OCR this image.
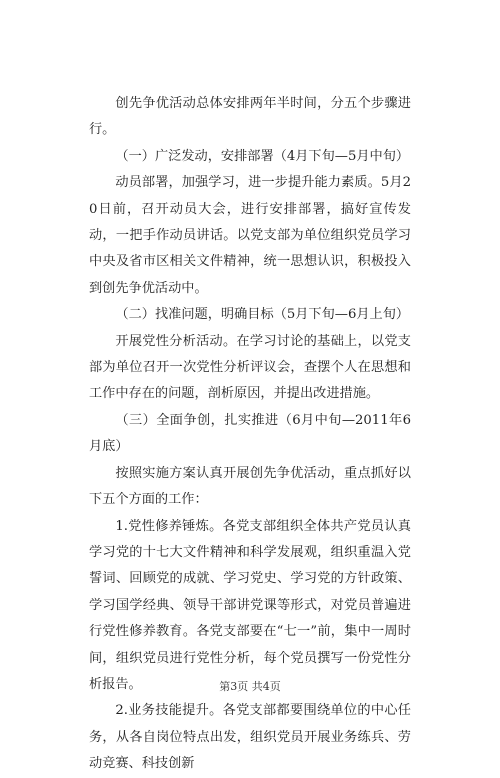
创先争优活动总体安排两年半时间，分五个步骤进行。

（一）广泛发动，安排部署（4月下旬—5月中旬）

动员部署，加强学习，进一步提升能力素质。5月20日前，召开动员大会，进行安排部署，搞好宣传发动，一把手作动员讲话。以党支部为单位组织党员学习中央及省市区相关文件精神，统一思想认识，积极投入到创先争优活动中。

（二）找准问题，明确目标（5月下旬—6月上旬）

开展党性分析活动。在学习讨论的基础上，以党支部为单位召开一次党性分析评议会，查摆个人在思想和工作中存在的问题，剖析原因，并提出改进措施。

（三）全面争创，扎实推进（6月中旬—2011年6月底）

按照实施方案认真开展创先争优活动，重点抓好以下五个方面的工作：

1.党性修养锤炼。各党支部组织全体共产党员认真学习党的十七大文件精神和科学发展观，组织重温入党誓词、回顾党的成就、学习党史、学习党的方针政策、学习国学经典、领导干部讲党课等形式，对党员普遍进行党性修养教育。各党支部要在“七一”前，集中一周时间，组织党员进行党性分析，每个党员撰写一份党性分析报告。

2.业务技能提升。各党支部都要围绕单位的中心任务，从各自岗位特点出发，组织党员开展业务练兵、劳动竞赛、科技创新

第3页 共4页
